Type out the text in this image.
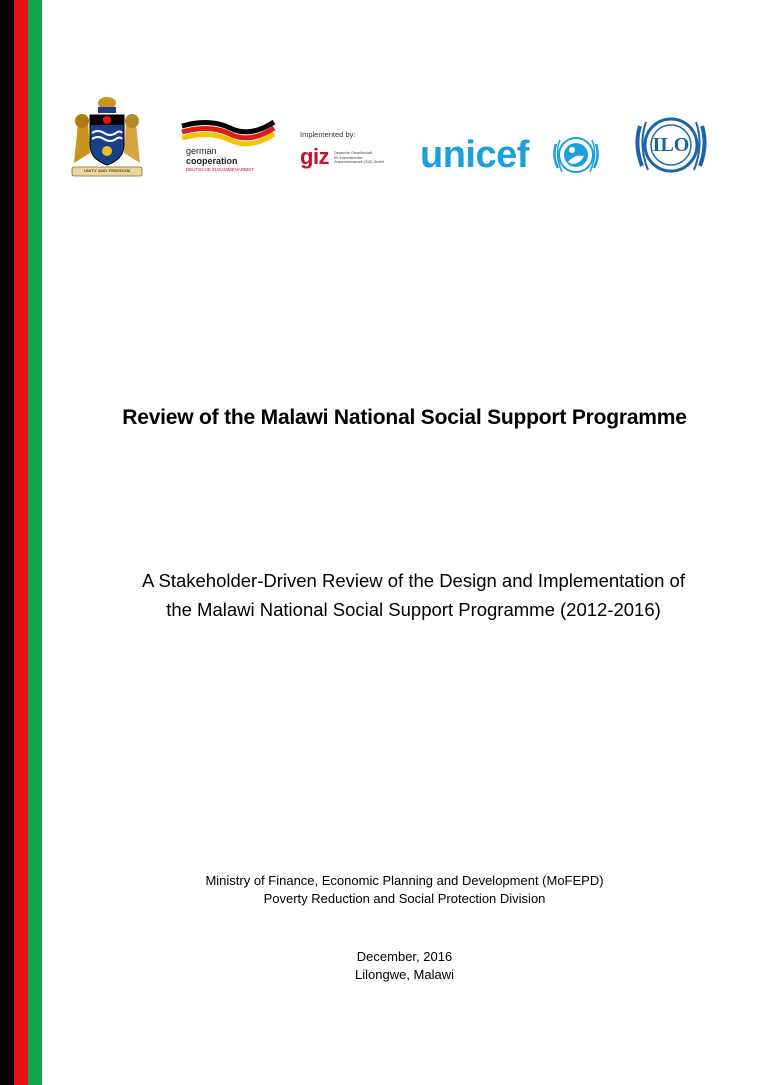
UNITY AND FREEDOM
german
cooperation
DEUTSCHE ZUSAMMENARBEIT
Implemented by:
giz Deutsche Gesellschaft
für Internationale
Zusammenarbeit (GIZ) GmbH unicef	ILO
Review of the Malawi National Social Support Programme
A Stakeholder-Driven Review of the Design and Implementation of
the Malawi National Social Support Programme (2012-2016)
Ministry of Finance, Economic Planning and Development (MoFEPD)
Poverty Reduction and Social Protection Division
December, 2016
Lilongwe, Malawi
